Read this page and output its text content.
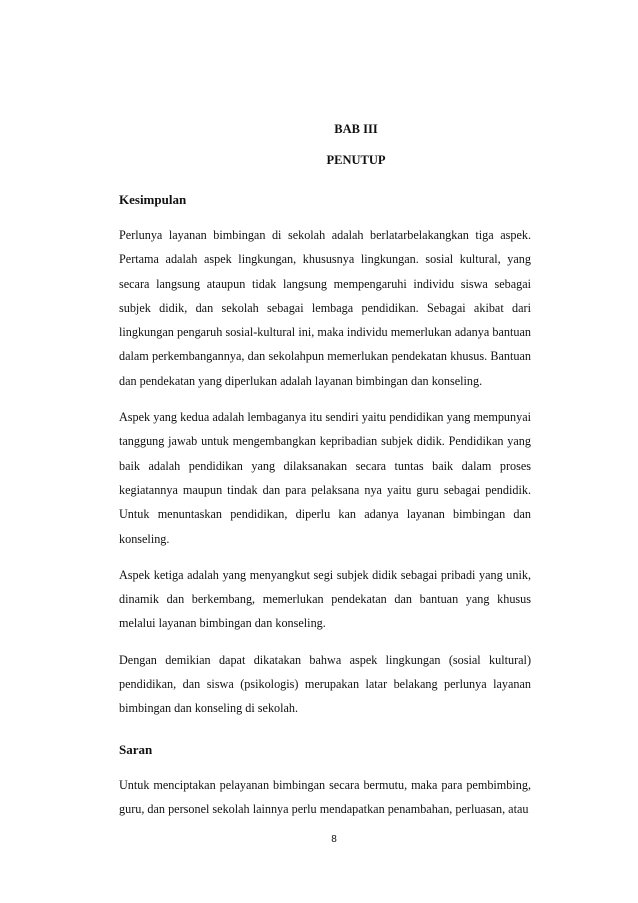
BAB III
PENUTUP
Kesimpulan

Perlunya layanan bimbingan di sekolah adalah berlatarbelakangkan tiga aspek. Pertama adalah aspek lingkungan, khususnya lingkungan. sosial kultural, yang secara langsung ataupun tidak langsung mempengaruhi individu siswa sebagai subjek didik, dan sekolah sebagai lembaga pendidikan. Sebagai akibat dari lingkungan pengaruh sosial-kultural ini, maka individu memerlukan adanya bantuan dalam perkembangannya, dan sekolahpun memerlukan pendekatan khusus. Bantuan dan pendekatan yang diperlukan adalah layanan bimbingan dan konseling.

Aspek yang kedua adalah lembaganya itu sendiri yaitu pendidikan yang mempunyai tanggung jawab untuk mengembangkan kepribadian subjek didik. Pendidikan yang baik adalah pendidikan yang dilaksanakan secara tuntas baik dalam proses kegiatannya maupun tindak dan para pelaksana nya yaitu guru sebagai pendidik. Untuk menuntaskan pendidikan, diperlu kan adanya layanan bimbingan dan konseling.

Aspek ketiga adalah yang menyangkut segi subjek didik sebagai pribadi yang unik, dinamik dan berkembang, memerlukan pendekatan dan bantuan yang khusus melalui layanan bimbingan dan konseling.

Dengan demikian dapat dikatakan bahwa aspek lingkungan (sosial kultural) pendidikan, dan siswa (psikologis) merupakan latar belakang perlunya layanan bimbingan dan konseling di sekolah.

Saran

Untuk menciptakan pelayanan bimbingan secara bermutu, maka para pembimbing, guru, dan personel sekolah lainnya perlu mendapatkan penambahan, perluasan, atau

8
